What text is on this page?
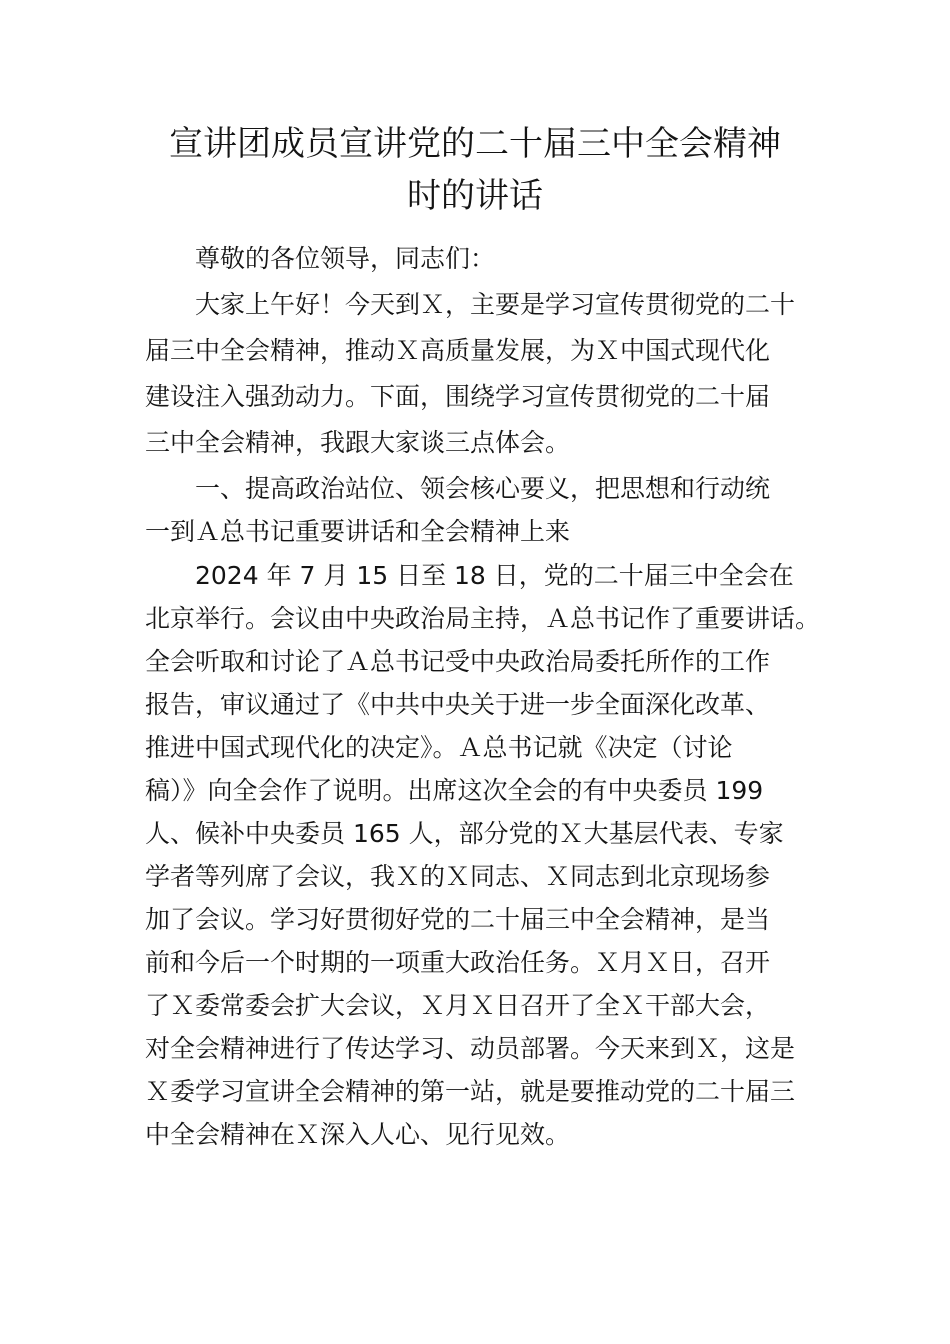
宣讲团成员宣讲党的二十届三中全会精神
时的讲话
尊敬的各位领导，同志们：
大家上午好！今天到Ｘ，主要是学习宣传贯彻党的二十
届三中全会精神，推动Ｘ高质量发展，为Ｘ中国式现代化
建设注入强劲动力。下面，围绕学习宣传贯彻党的二十届
三中全会精神，我跟大家谈三点体会。
一、提高政治站位、领会核心要义，把思想和行动统
一到Ａ总书记重要讲话和全会精神上来
2024 年 7 月 15 日至 18 日，党的二十届三中全会在
北京举行。会议由中央政治局主持，Ａ总书记作了重要讲话。
全会听取和讨论了Ａ总书记受中央政治局委托所作的工作
报告，审议通过了《中共中央关于进一步全面深化改革、
推进中国式现代化的决定》。Ａ总书记就《决定（讨论
稿）》向全会作了说明。出席这次全会的有中央委员 199
人、候补中央委员 165 人，部分党的Ｘ大基层代表、专家
学者等列席了会议，我Ｘ的Ｘ同志、Ｘ同志到北京现场参
加了会议。学习好贯彻好党的二十届三中全会精神，是当
前和今后一个时期的一项重大政治任务。Ｘ月Ｘ日，召开
了Ｘ委常委会扩大会议，Ｘ月Ｘ日召开了全Ｘ干部大会，
对全会精神进行了传达学习、动员部署。今天来到Ｘ，这是
Ｘ委学习宣讲全会精神的第一站，就是要推动党的二十届三
中全会精神在Ｘ深入人心、见行见效。
